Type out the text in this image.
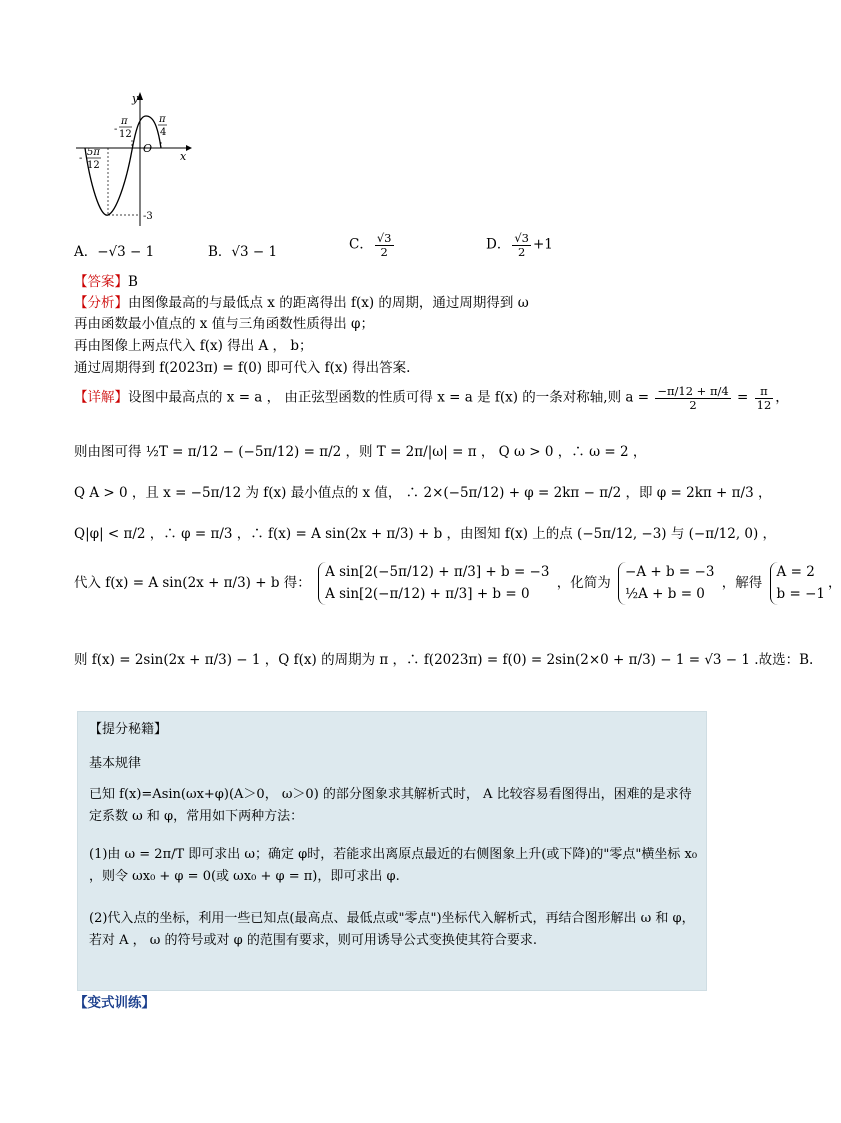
y
x
O
-
π
12
π
4
5π
-
12
-3
A．−√3 − 1	B．√3 − 1	C． $\frac{√3}{2}$	D． $\frac{√3}{2} +1$
【答案】B
【分析】由图像最高的与最低点 x 的距离得出 f(x) 的周期，通过周期得到 ω
再由函数最小值点的 x 值与三角函数性质得出 φ；
再由图像上两点代入 f(x) 得出 A ， b；
通过周期得到 f(2023π) = f(0) 即可代入 f(x) 得出答案.
【详解】设图中最高点的 x = a ， 由正弦型函数的性质可得 x = a 是 f(x) 的一条对称轴,则 $a = \frac{-\pi/12 + \pi/4}{2} = \frac{\pi}{12}$ ，
则由图可得 ½T = π/12 − (−5π/12) = π/2 ，则 T = 2π/|ω| = π ， Q ω > 0 ，∴ ω = 2 ，
Q A > 0 ，且 x = −5π/12 为 f(x) 最小值点的 x 值， ∴ 2×(−5π/12) + φ = 2kπ − π/2 ，即 φ = 2kπ + π/3 ，
Q|φ| < π/2 ，∴ φ = π/3 ，∴ f(x) = A sin(2x + π/3) + b ，由图知 f(x) 上的点 (−5π/12, −3) 与 (−π/12, 0) ，
代入 f(x) = A sin(2x + π/3) + b 得：
A sin[2(−5π/12) + π/3] + b = −3
A sin[2(−π/12) + π/3] + b = 0
，化简为
−A + b = −3
½A + b = 0
，解得
A = 2
b = −1
，
则 f(x) = 2sin(2x + π/3) − 1 ，Q f(x) 的周期为 π ，∴ f(2023π) = f(0) = 2sin(2×0 + π/3) − 1 = √3 − 1 .故选：B.
【提分秘籍】
基本规律
已知 f(x)=Asin(ωx+φ)(A＞0， ω＞0) 的部分图象求其解析式时， A 比较容易看图得出，困难的是求待定系数 ω 和 φ，常用如下两种方法：
(1)由 ω = 2π/T 即可求出 ω；确定 φ时，若能求出离原点最近的右侧图象上升(或下降)的"零点"横坐标 x₀ ，则令 ωx₀ + φ = 0(或 ωx₀ + φ = π)，即可求出 φ.
(2)代入点的坐标，利用一些已知点(最高点、最低点或"零点")坐标代入解析式，再结合图形解出 ω 和 φ，若对 A ， ω 的符号或对 φ 的范围有要求，则可用诱导公式变换使其符合要求.
【变式训练】
